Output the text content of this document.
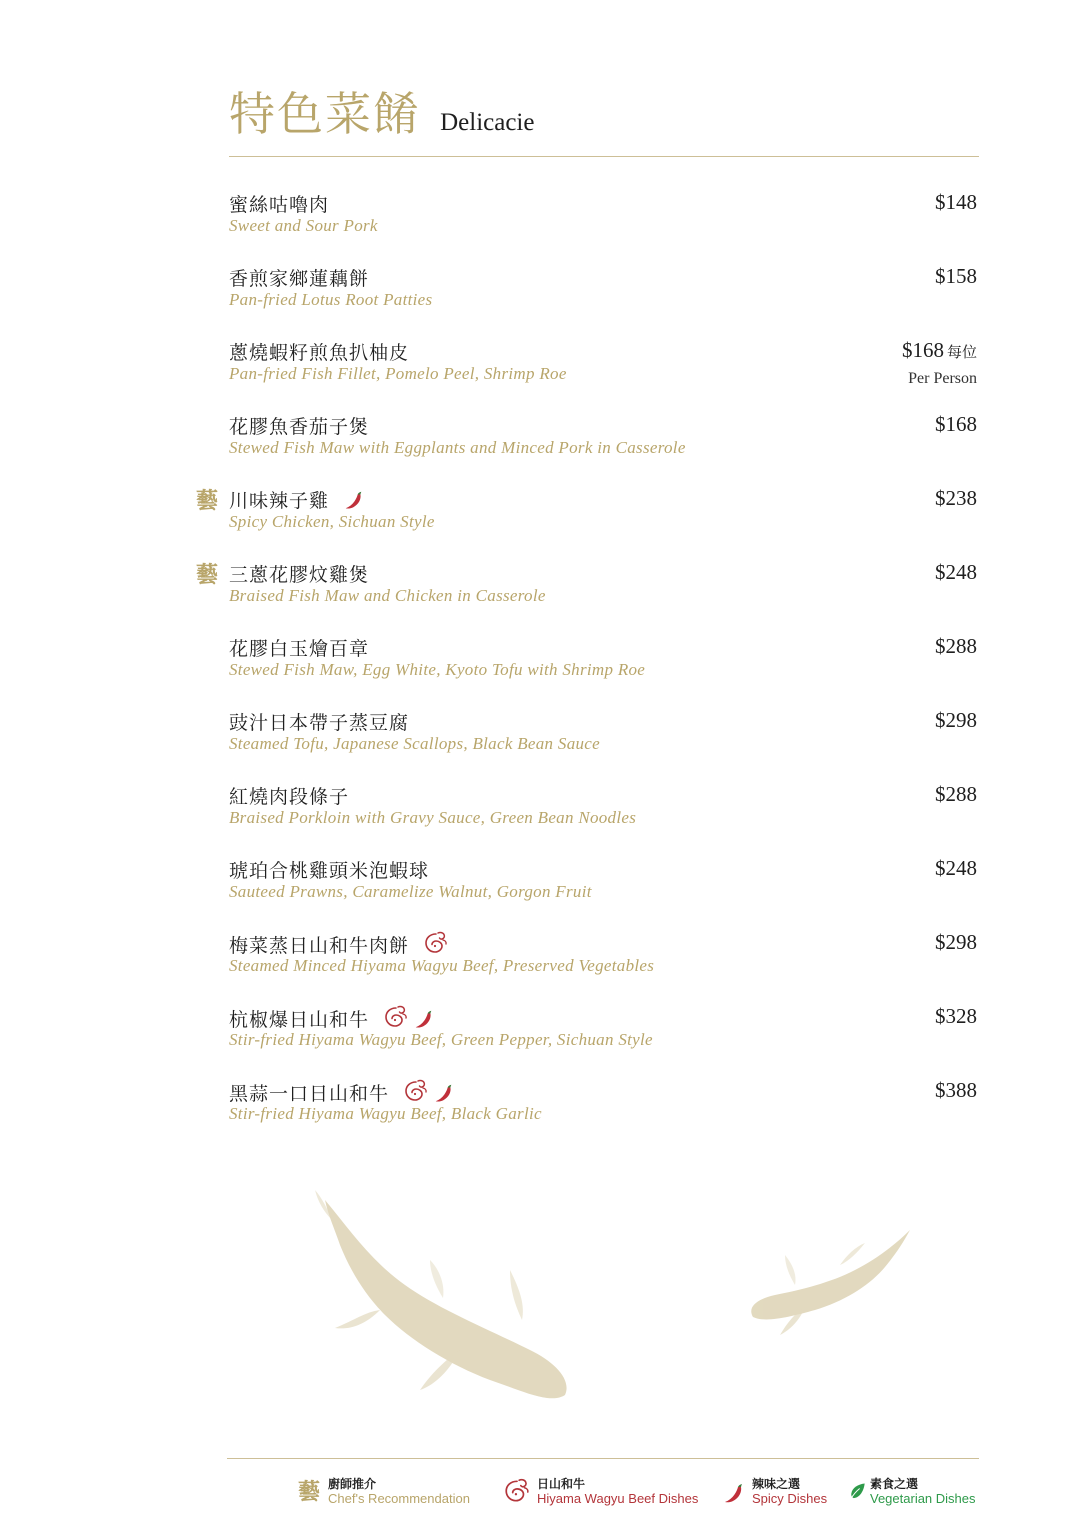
特色菜餚 Delicacie
蜜絲咕嚕肉
Sweet and Sour Pork
$148
香煎家鄉蓮藕餅
Pan-fried Lotus Root Patties
$158
蔥燒蝦籽煎魚扒柚皮
Pan-fried Fish Fillet, Pomelo Peel, Shrimp Roe
$168 每位
Per Person
花膠魚香茄子煲
Stewed Fish Maw with Eggplants and Minced Pork in Casserole
$168
藝 川味辣子雞
Spicy Chicken, Sichuan Style
$238
藝 三蔥花膠炆雞煲
Braised Fish Maw and Chicken in Casserole
$248
花膠白玉燴百章
Stewed Fish Maw, Egg White, Kyoto Tofu with Shrimp Roe
$288
豉汁日本帶子蒸豆腐
Steamed Tofu, Japanese Scallops, Black Bean Sauce
$298
紅燒肉段條子
Braised Porkloin with Gravy Sauce, Green Bean Noodles
$288
琥珀合桃雞頭米泡蝦球
Sauteed Prawns, Caramelize Walnut, Gorgon Fruit
$248
梅菜蒸日山和牛肉餅
Steamed Minced Hiyama Wagyu Beef, Preserved Vegetables
$298
杭椒爆日山和牛
Stir-fried Hiyama Wagyu Beef, Green Pepper, Sichuan Style
$328
黑蒜一口日山和牛
Stir-fried Hiyama Wagyu Beef, Black Garlic
$388
藝 廚師推介
Chef's Recommendation
日山和牛
Hiyama Wagyu Beef Dishes
辣味之選
Spicy Dishes
素食之選
Vegetarian Dishes
